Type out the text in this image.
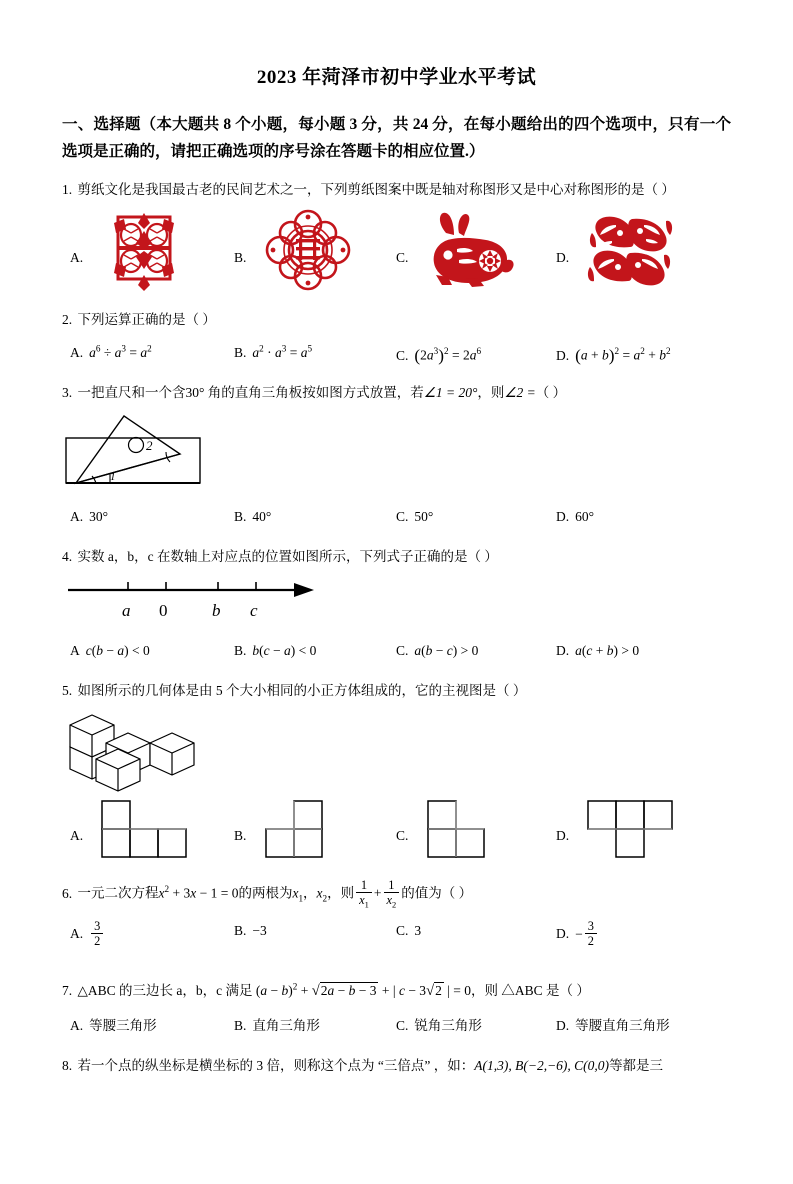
2023 年菏泽市初中学业水平考试
一、选择题（本大题共 8 个小题，每小题 3 分，共 24 分，在每小题给出的四个选项中，只有一个选项是正确的，请把正确选项的序号涂在答题卡的相应位置.）
1. 剪纸文化是我国最古老的民间艺术之一，下列剪纸图案中既是轴对称图形又是中心对称图形的是（ ）
A.	B.	C.	D.
2. 下列运算正确的是（ ）
A. $a^6 \div a^3 = a^2$	B. $a^2 \cdot a^3 = a^5$	C. $(2a^3)^2 = 2a^6$	D. $(a + b)^2 = a^2 + b^2$
3. 一把直尺和一个含30° 角的直角三角板按如图方式放置，若∠1 = 20°，则∠2 =（ ）
1
2
A. 30°	B. 40°	C. 50°	D. 60°
4. 实数 a，b，c 在数轴上对应点的位置如图所示，下列式子正确的是（ ）
a 0	b c
A c(b − a) < 0	B. b(c − a) < 0	C. a(b − c) > 0	D. a(c + b) > 0
5. 如图所示的几何体是由 5 个大小相同的小正方体组成的，它的主视图是（ ）
A.	B.	C.	D.
6. 一元二次方程$x^2 + 3x - 1 = 0$的两根为$x_1$，$x_2$，则 $\frac{1}{x_1} + \frac{1}{x_2}$ 的值为（ ）
A. $\frac{3}{2}$	B. −3	C. 3	D. − $\frac{3}{2}$
7. △ABC 的三边长 a，b，c 满足 $(a - b)^2 + √2a - b - 3$ + | c − 3√2 | = 0，则 △ABC 是（ ）
A. 等腰三角形	B. 直角三角形	C. 锐角三角形	D. 等腰直角三角形
8. 若一个点的纵坐标是横坐标的 3 倍，则称这个点为 “三倍点” ，如：A(1,3), B(−2,−6), C(0,0)等都是三
